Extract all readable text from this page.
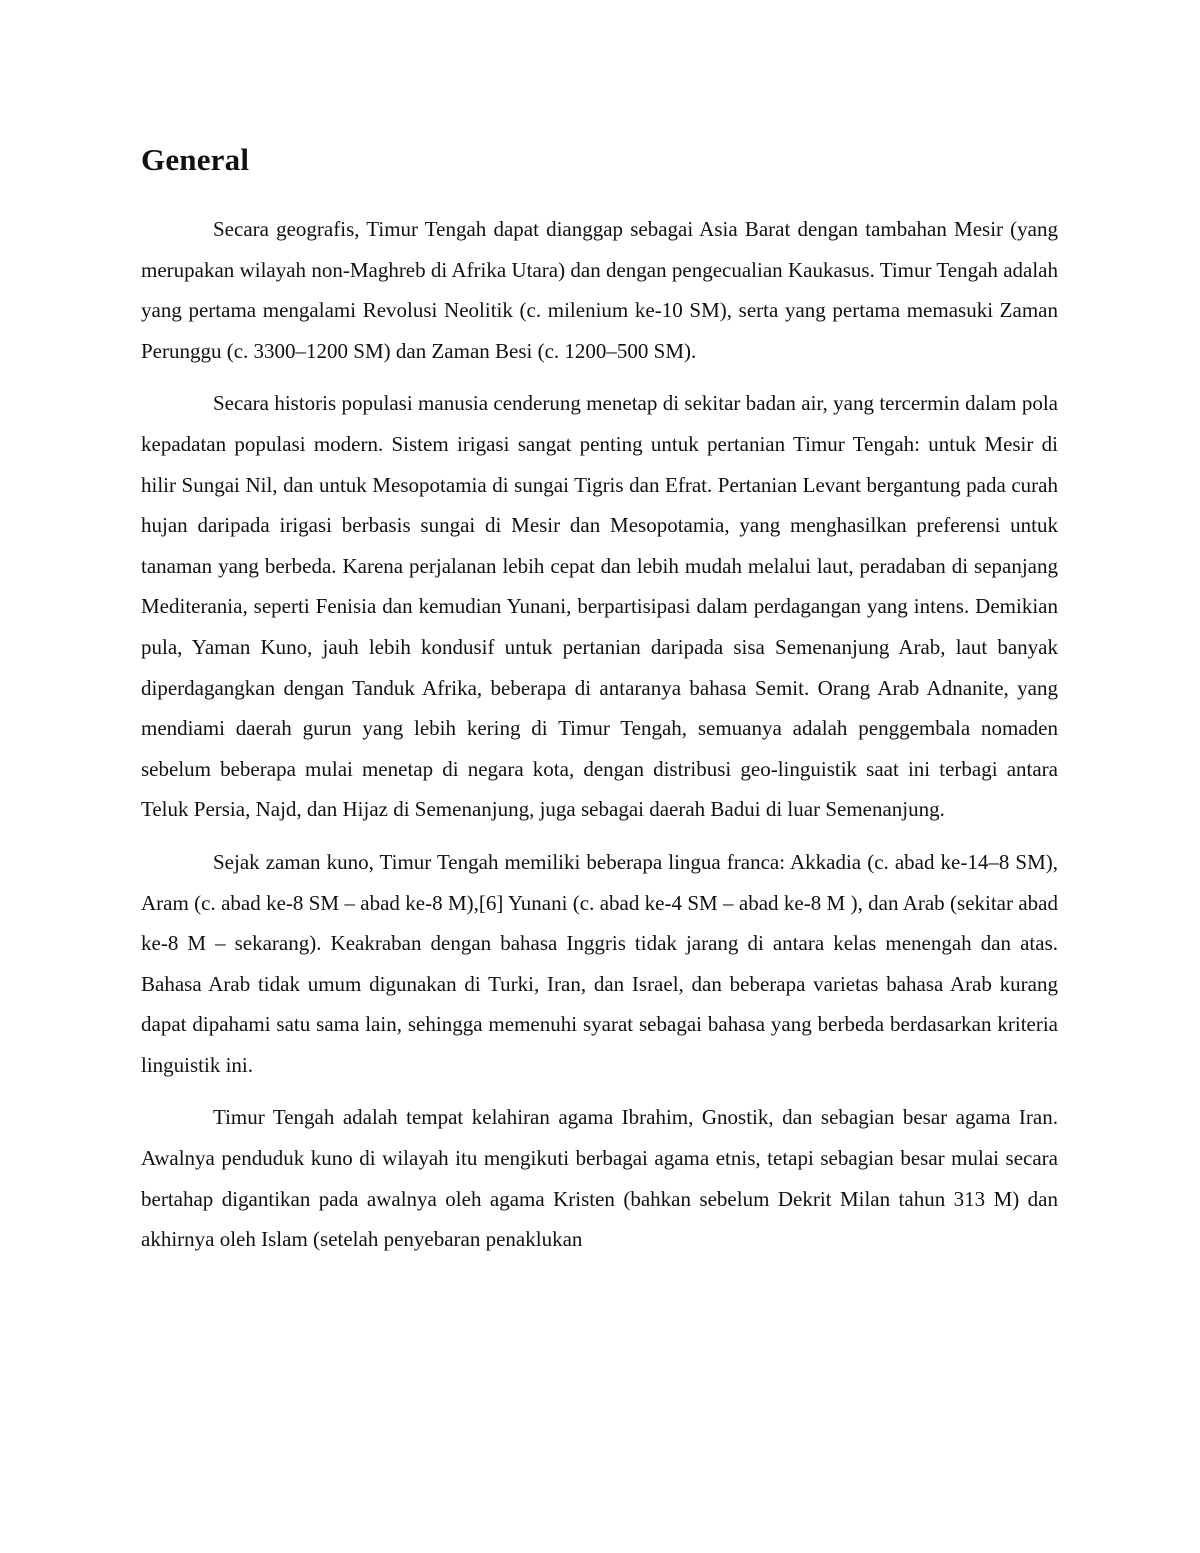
General

Secara geografis, Timur Tengah dapat dianggap sebagai Asia Barat dengan tambahan Mesir (yang merupakan wilayah non-Maghreb di Afrika Utara) dan dengan pengecualian Kaukasus. Timur Tengah adalah yang pertama mengalami Revolusi Neolitik (c. milenium ke-10 SM), serta yang pertama memasuki Zaman Perunggu (c. 3300–1200 SM) dan Zaman Besi (c. 1200–500 SM).

Secara historis populasi manusia cenderung menetap di sekitar badan air, yang tercermin dalam pola kepadatan populasi modern. Sistem irigasi sangat penting untuk pertanian Timur Tengah: untuk Mesir di hilir Sungai Nil, dan untuk Mesopotamia di sungai Tigris dan Efrat. Pertanian Levant bergantung pada curah hujan daripada irigasi berbasis sungai di Mesir dan Mesopotamia, yang menghasilkan preferensi untuk tanaman yang berbeda. Karena perjalanan lebih cepat dan lebih mudah melalui laut, peradaban di sepanjang Mediterania, seperti Fenisia dan kemudian Yunani, berpartisipasi dalam perdagangan yang intens. Demikian pula, Yaman Kuno, jauh lebih kondusif untuk pertanian daripada sisa Semenanjung Arab, laut banyak diperdagangkan dengan Tanduk Afrika, beberapa di antaranya bahasa Semit. Orang Arab Adnanite, yang mendiami daerah gurun yang lebih kering di Timur Tengah, semuanya adalah penggembala nomaden sebelum beberapa mulai menetap di negara kota, dengan distribusi geo-linguistik saat ini terbagi antara Teluk Persia, Najd, dan Hijaz di Semenanjung, juga sebagai daerah Badui di luar Semenanjung.

Sejak zaman kuno, Timur Tengah memiliki beberapa lingua franca: Akkadia (c. abad ke-14–8 SM), Aram (c. abad ke-8 SM – abad ke-8 M),[6] Yunani (c. abad ke-4 SM – abad ke-8 M ), dan Arab (sekitar abad ke-8 M – sekarang). Keakraban dengan bahasa Inggris tidak jarang di antara kelas menengah dan atas. Bahasa Arab tidak umum digunakan di Turki, Iran, dan Israel, dan beberapa varietas bahasa Arab kurang dapat dipahami satu sama lain, sehingga memenuhi syarat sebagai bahasa yang berbeda berdasarkan kriteria linguistik ini.

Timur Tengah adalah tempat kelahiran agama Ibrahim, Gnostik, dan sebagian besar agama Iran. Awalnya penduduk kuno di wilayah itu mengikuti berbagai agama etnis, tetapi sebagian besar mulai secara bertahap digantikan pada awalnya oleh agama Kristen (bahkan sebelum Dekrit Milan tahun 313 M) dan akhirnya oleh Islam (setelah penyebaran penaklukan
